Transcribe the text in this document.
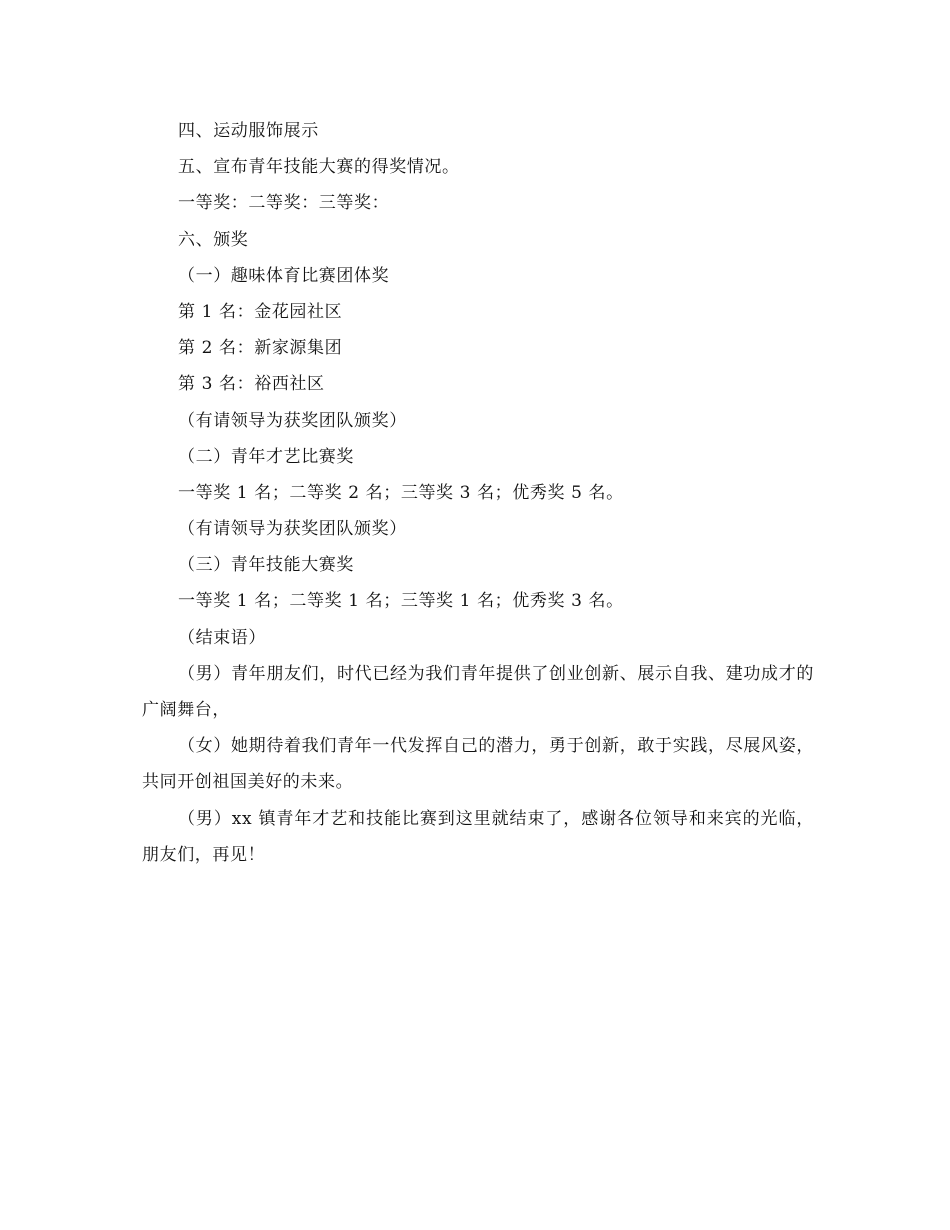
四、运动服饰展示
五、宣布青年技能大赛的得奖情况。
一等奖：二等奖：三等奖：
六、颁奖
（一）趣味体育比赛团体奖
第 1 名：金花园社区
第 2 名：新家源集团
第 3 名：裕西社区
（有请领导为获奖团队颁奖）
（二）青年才艺比赛奖
一等奖 1 名；二等奖 2 名；三等奖 3 名；优秀奖 5 名。
（有请领导为获奖团队颁奖）
（三）青年技能大赛奖
一等奖 1 名；二等奖 1 名；三等奖 1 名；优秀奖 3 名。
（结束语）

（男）青年朋友们，时代已经为我们青年提供了创业创新、展示自我、建功成才的广阔舞台，

（女）她期待着我们青年一代发挥自己的潜力，勇于创新，敢于实践，尽展风姿，共同开创祖国美好的未来。

（男）xx 镇青年才艺和技能比赛到这里就结束了，感谢各位领导和来宾的光临，朋友们，再见！
